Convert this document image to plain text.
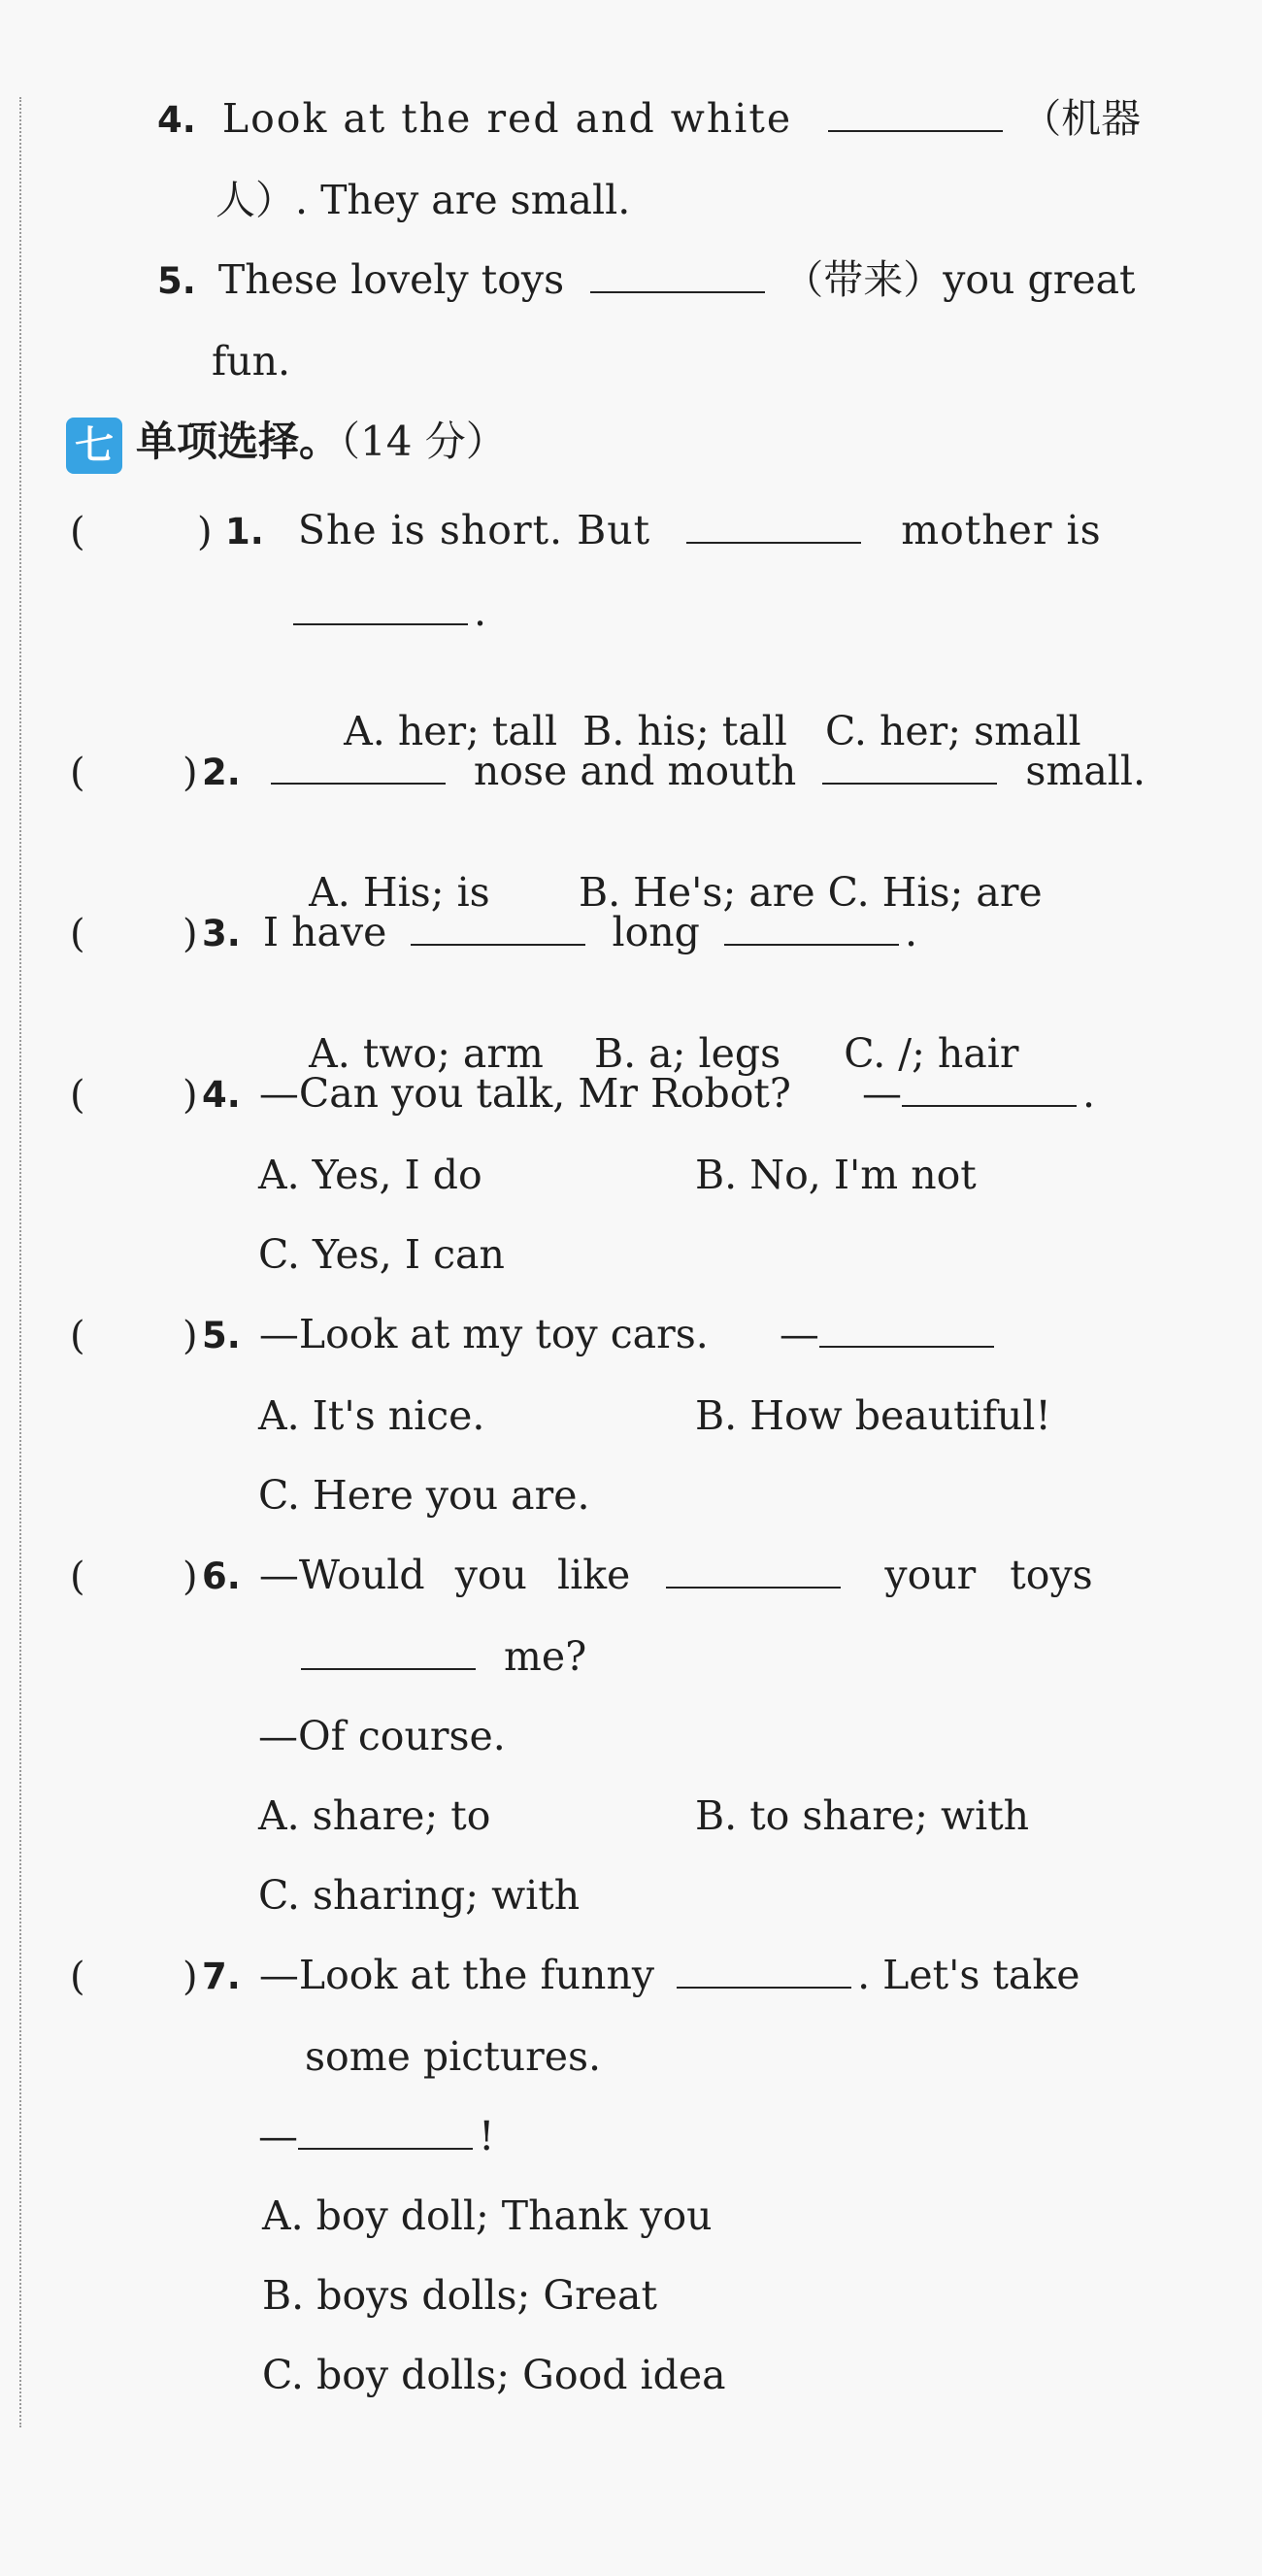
4. Look at the red and white	（机器
人）. They are small.
5. These lovely toys	（带来）you great
fun.
七 单项选择。（14 分）
(	) 1. She is short. But	mother is
.

A. her; tall  B. his; tall   C. her; small

(	) 2.	nose and mouth	small.

A. His; is       B. He's; are C. His; are

(	) 3. I have	long	.

A. two; arm    B. a; legs     C. /; hair

(	) 4. —Can you talk, Mr Robot? —	.
A. Yes, I do	B. No, I'm not
C. Yes, I can
(	) 5. —Look at my toy cars. —
A. It's nice.	B. How beautiful!
C. Here you are.
(	) 6. —Would you like	your toys
me?
—Of course.
A. share; to	B. to share; with
C. sharing; with
(	) 7. —Look at the funny	. Let's take
some pictures.
—	!
A. boy doll; Thank you
B. boys dolls; Great
C. boy dolls; Good idea
